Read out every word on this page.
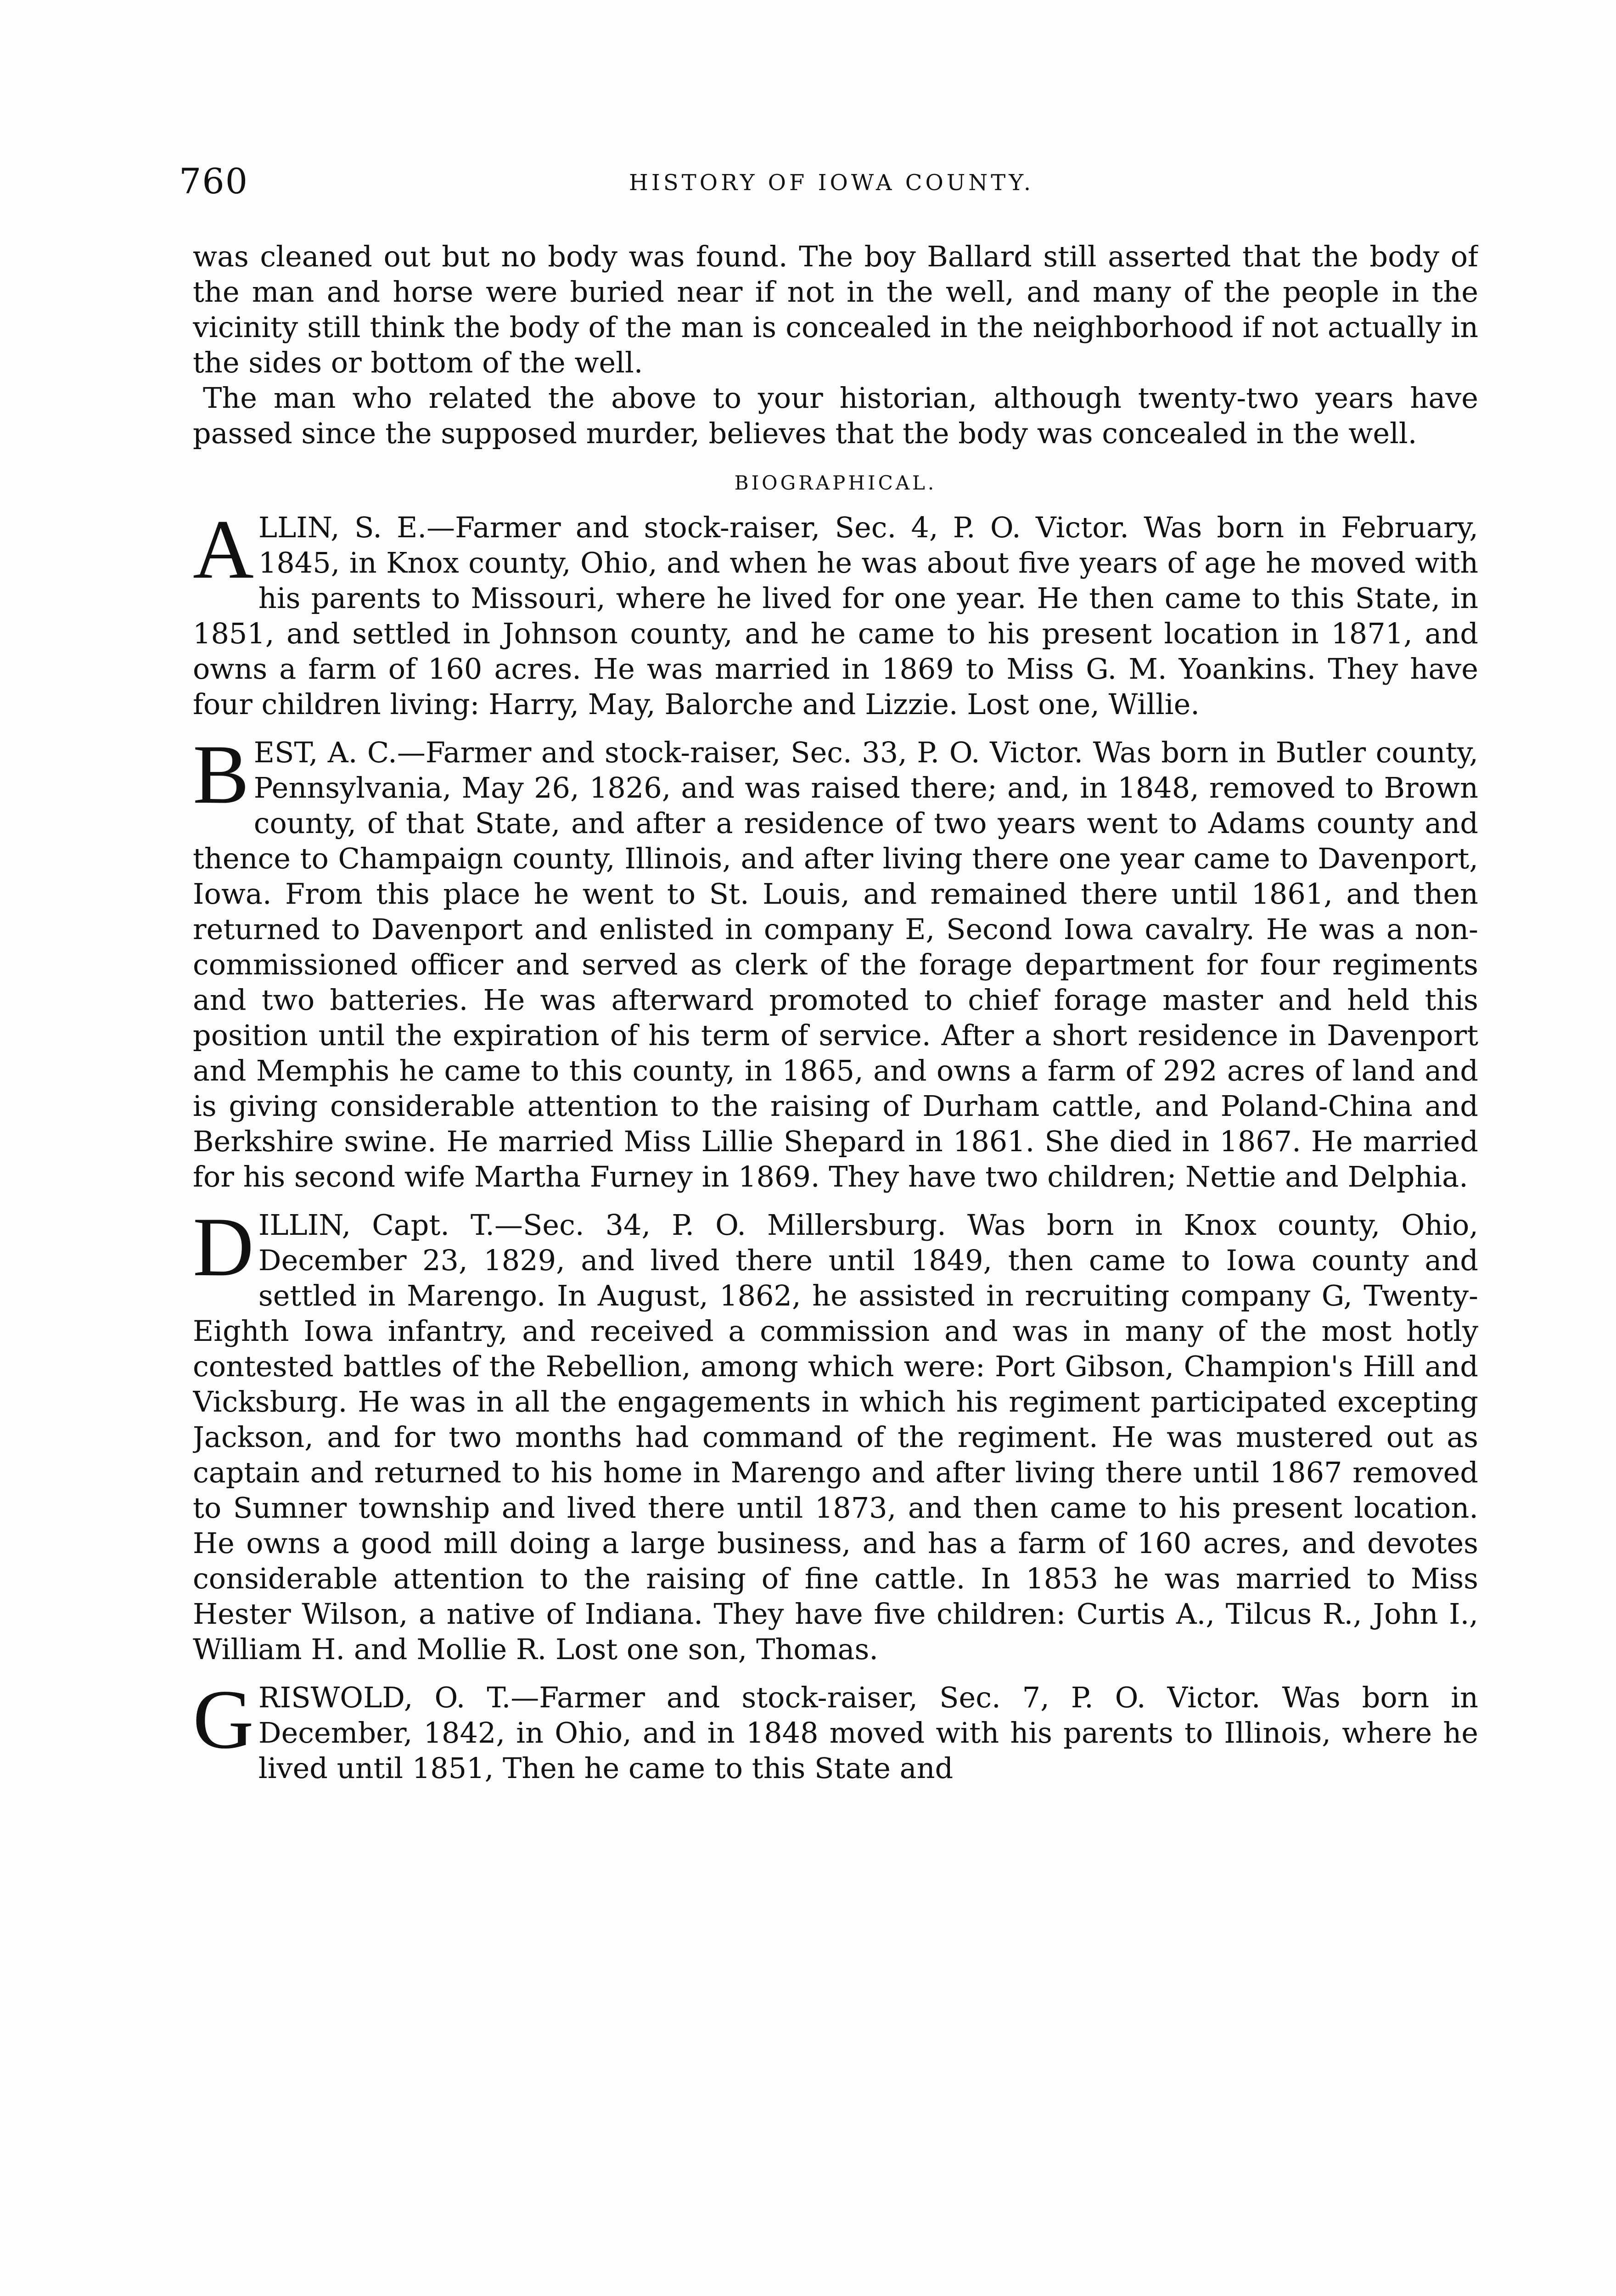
760	HISTORY OF IOWA COUNTY.

was cleaned out but no body was found. The boy Ballard still asserted that the body of the man and horse were buried near if not in the well, and many of the people in the vicinity still think the body of the man is concealed in the neighborhood if not actually in the sides or bottom of the well.

The man who related the above to your historian, although twenty-two years have passed since the supposed murder, believes that the body was concealed in the well.

BIOGRAPHICAL.

A LLIN, S. E.—Farmer and stock-raiser, Sec. 4, P. O. Victor. Was born in February, 1845, in Knox county, Ohio, and when he was about five years of age he moved with his parents to Missouri, where he lived for one year. He then came to this State, in 1851, and settled in Johnson county, and he came to his present location in 1871, and owns a farm of 160 acres. He was married in 1869 to Miss G. M. Yoankins. They have four children living: Harry, May, Balorche and Lizzie. Lost one, Willie.

B EST, A. C.—Farmer and stock-raiser, Sec. 33, P. O. Victor. Was born in Butler county, Pennsylvania, May 26, 1826, and was raised there; and, in 1848, removed to Brown county, of that State, and after a residence of two years went to Adams county and thence to Champaign county, Illinois, and after living there one year came to Davenport, Iowa. From this place he went to St. Louis, and remained there until 1861, and then returned to Davenport and enlisted in company E, Second Iowa cavalry. He was a non-commissioned officer and served as clerk of the forage department for four regiments and two batteries. He was afterward promoted to chief forage master and held this position until the expiration of his term of service. After a short residence in Davenport and Memphis he came to this county, in 1865, and owns a farm of 292 acres of land and is giving considerable attention to the raising of Durham cattle, and Poland-China and Berkshire swine. He married Miss Lillie Shepard in 1861. She died in 1867. He married for his second wife Martha Furney in 1869. They have two children; Nettie and Delphia.

D ILLIN, Capt. T.—Sec. 34, P. O. Millersburg. Was born in Knox county, Ohio, December 23, 1829, and lived there until 1849, then came to Iowa county and settled in Marengo. In August, 1862, he assisted in recruiting company G, Twenty-Eighth Iowa infantry, and received a commission and was in many of the most hotly contested battles of the Rebellion, among which were: Port Gibson, Champion's Hill and Vicksburg. He was in all the engagements in which his regiment participated excepting Jackson, and for two months had command of the regiment. He was mustered out as captain and returned to his home in Marengo and after living there until 1867 removed to Sumner township and lived there until 1873, and then came to his present location. He owns a good mill doing a large business, and has a farm of 160 acres, and devotes considerable attention to the raising of fine cattle. In 1853 he was married to Miss Hester Wilson, a native of Indiana. They have five children: Curtis A., Tilcus R., John I., William H. and Mollie R. Lost one son, Thomas.

G RISWOLD, O. T.—Farmer and stock-raiser, Sec. 7, P. O. Victor. Was born in December, 1842, in Ohio, and in 1848 moved with his parents to Illinois, where he lived until 1851, Then he came to this State and
